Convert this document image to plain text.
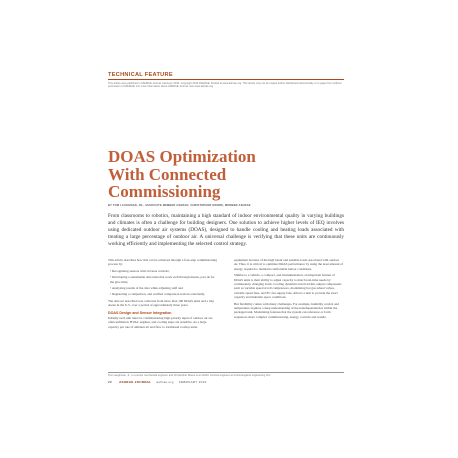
TECHNICAL FEATURE
This article was published in ASHRAE Journal, February 2010. Copyright 2010 ASHRAE. Posted at www.ashrae.org. This article may not be copied and/or distributed electronically or in paper form without permission of ASHRAE. For more information about ASHRAE Journal, visit www.ashrae.org.
DOAS Optimization
With Connected
Commissioning
BY TOM LAUGHMAN, JR., ASSOCIATE MEMBER ASHRAE; CHRISTOPHER MOORE, MEMBER ASHRAE
From classrooms to robotics, maintaining a high standard of indoor environmental quality in varying buildings and climates is often a challenge for building designers. One solution to achieve higher levels of IEQ involves using dedicated outdoor air systems (DOAS), designed to handle cooling and heating loads associated with treating a large percentage of outdoor air. A universal challenge is verifying that these units are continuously working efficiently and implementing the selected control strategy.

This article describes how this can be achieved through a four-step commissioning process by:

• Recognizing sensors with obvious controls;

• Developing a sustainable data rules that work well through means, part, & for the give time;

• Analyzing results of the data while adjusting staff and

• Registering a comparison, and verified comparison reviews externally.

The data set described was collected from more than 100 DOAS units and a tiny dozen in the U.S. over a period of approximately three years.

DOAS Design and Sensor Integration

Initially each unit must be commissioning high-priority input of outdoor air are often unfiltered, HVAC engines, and cooling steps are sensitive. As a large capacity per rate of ambient air and flow to traditional rooftop units.

equipment because of the high latent and sensible loads associated with outdoor air. Thus, it is critical to optimize DOAS performance by using the least amount of energy required to maintain comfortable indoor conditions.

Similar to a vehicle, a compact, and instrumentation, an important feature of DOAS units is their ability to adjust capacity to match real-time needs by continuously changing loads. Cooling dynamics involved this output components such as variable speed scroll compressors, modulating hot gas reheat valves, variable speed fans, and EC fan supply fans. Allows a unit to provide the exact capacity and maintain space conditions.

But flexibility comes with many challenges. For example, humidity control and temperature requires a deep understanding of the interdependencies within the packaged unit. Modulating features that the system can reference or form sequences more complex commissioning, energy, controls and results.

Tom Laughman, Jr., is a senior mechanical engineer and Christopher Moore is an HVAC controls engineer at a New England engineering firm.
22 ASHRAE JOURNAL ashrae.org FEBRUARY 2010
